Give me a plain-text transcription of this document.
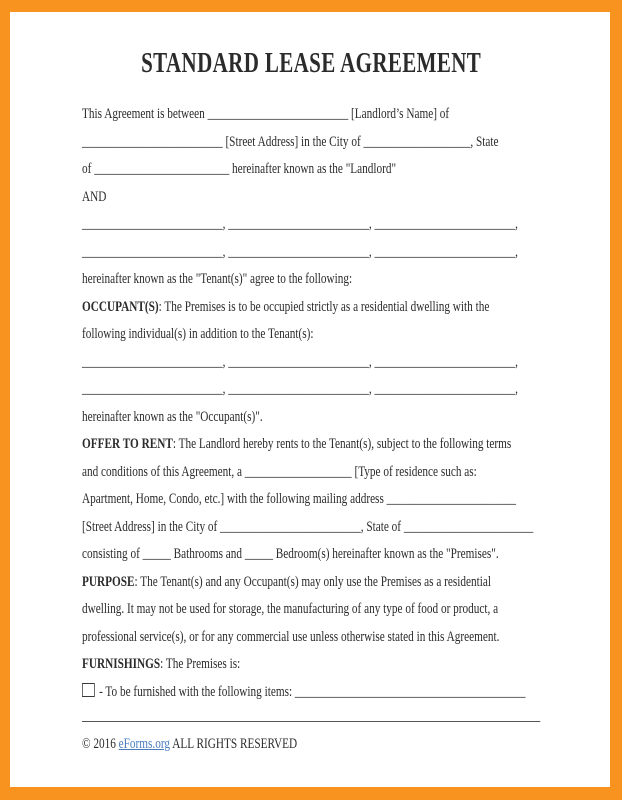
STANDARD LEASE AGREEMENT
This Agreement is between _________________________ [Landlord’s Name] of
_________________________ [Street Address] in the City of ___________________, State
of ________________________ hereinafter known as the "Landlord"
AND
_________________________, _________________________, _________________________,
_________________________, _________________________, _________________________,
hereinafter known as the "Tenant(s)" agree to the following:
OCCUPANT(S): The Premises is to be occupied strictly as a residential dwelling with the
following individual(s) in addition to the Tenant(s):
_________________________, _________________________, _________________________,
_________________________, _________________________, _________________________,
hereinafter known as the "Occupant(s)".
OFFER TO RENT: The Landlord hereby rents to the Tenant(s), subject to the following terms
and conditions of this Agreement, a ___________________ [Type of residence such as:
Apartment, Home, Condo, etc.] with the following mailing address _______________________
[Street Address] in the City of _________________________, State of _______________________
consisting of _____ Bathrooms and _____ Bedroom(s) hereinafter known as the "Premises".
PURPOSE: The Tenant(s) and any Occupant(s) may only use the Premises as a residential
dwelling. It may not be used for storage, the manufacturing of any type of food or product, a
professional service(s), or for any commercial use unless otherwise stated in this Agreement.
FURNISHINGS: The Premises is:
- To be furnished with the following items: _________________________________________
© 2016 eForms.org ALL RIGHTS RESERVED
